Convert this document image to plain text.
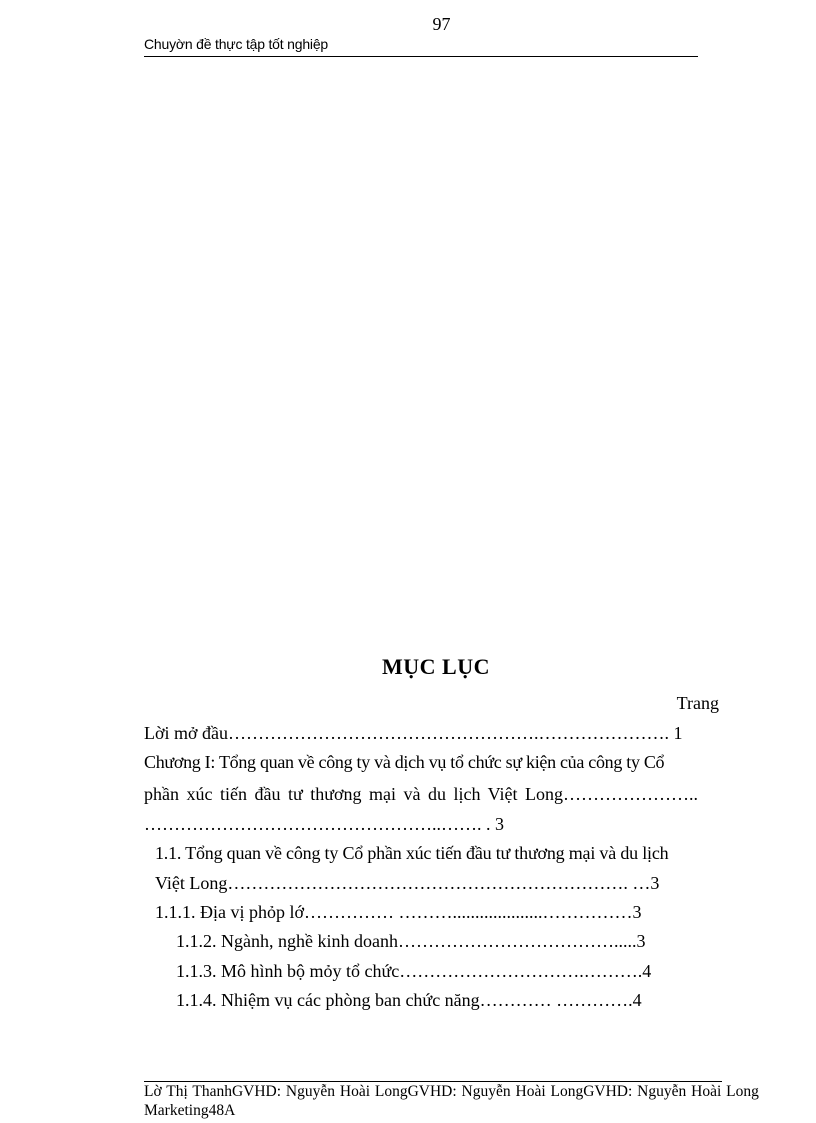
97
Chuyờn đề thực tập tốt nghiệp
MỤC LỤC
Trang
Lời mở đầu…………………………………………….…………………. 1
Chương I: Tổng quan về công ty và dịch vụ tổ chức sự kiện của công ty Cổ
phần xúc tiến đầu tư thương mại và du lịch Việt Long…………………..
…………………………………………..……. . 3
1.1. Tổng quan về công ty Cổ phần xúc tiến đầu tư thương mại và du lịch
Việt Long…………………………………………………………. …3
1.1.1. Địa vị phỏp lớ…………… ………....................……………3
1.1.2. Ngành, nghề kinh doanh……………………………….....3
1.1.3. Mô hình bộ mỏy tổ chức………………………….……….4
1.1.4. Nhiệm vụ các phòng ban chức năng………… ………….4
Lờ Thị ThanhGVHD: Nguyễn Hoài LongGVHD: Nguyễn Hoài LongGVHD: Nguyễn Hoài Long
Marketing48A
